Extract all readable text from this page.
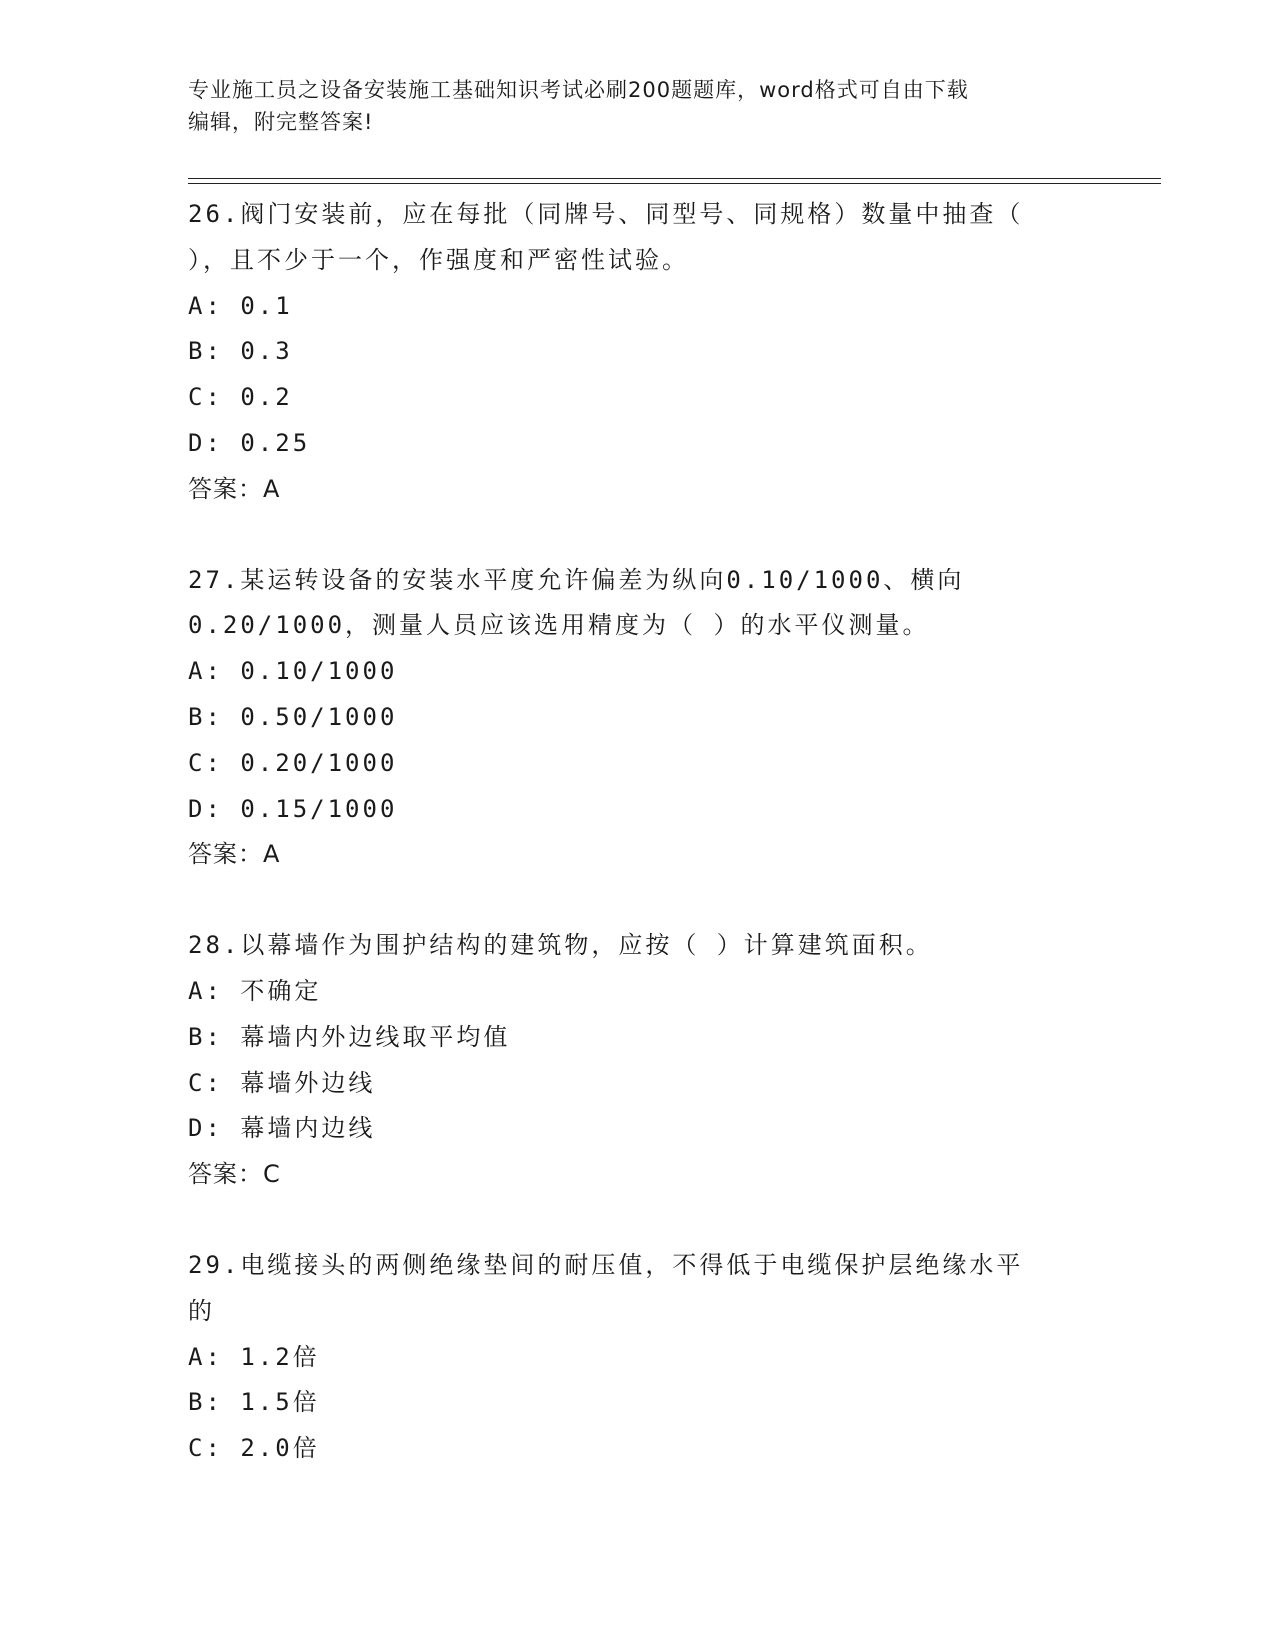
专业施工员之设备安装施工基础知识考试必刷200题题库，word格式可自由下载
编辑，附完整答案!
26.阀门安装前，应在每批（同牌号、同型号、同规格）数量中抽查（
），且不少于一个，作强度和严密性试验。
A: 0.1
B: 0.3
C: 0.2
D: 0.25
答案：A
27.某运转设备的安装水平度允许偏差为纵向0.10/1000、横向
0.20/1000，测量人员应该选用精度为（ ）的水平仪测量。
A: 0.10/1000
B: 0.50/1000
C: 0.20/1000
D: 0.15/1000
答案：A
28.以幕墙作为围护结构的建筑物，应按（ ）计算建筑面积。
A: 不确定
B: 幕墙内外边线取平均值
C: 幕墙外边线
D: 幕墙内边线
答案：C
29.电缆接头的两侧绝缘垫间的耐压值，不得低于电缆保护层绝缘水平
的
A: 1.2倍
B: 1.5倍
C: 2.0倍
